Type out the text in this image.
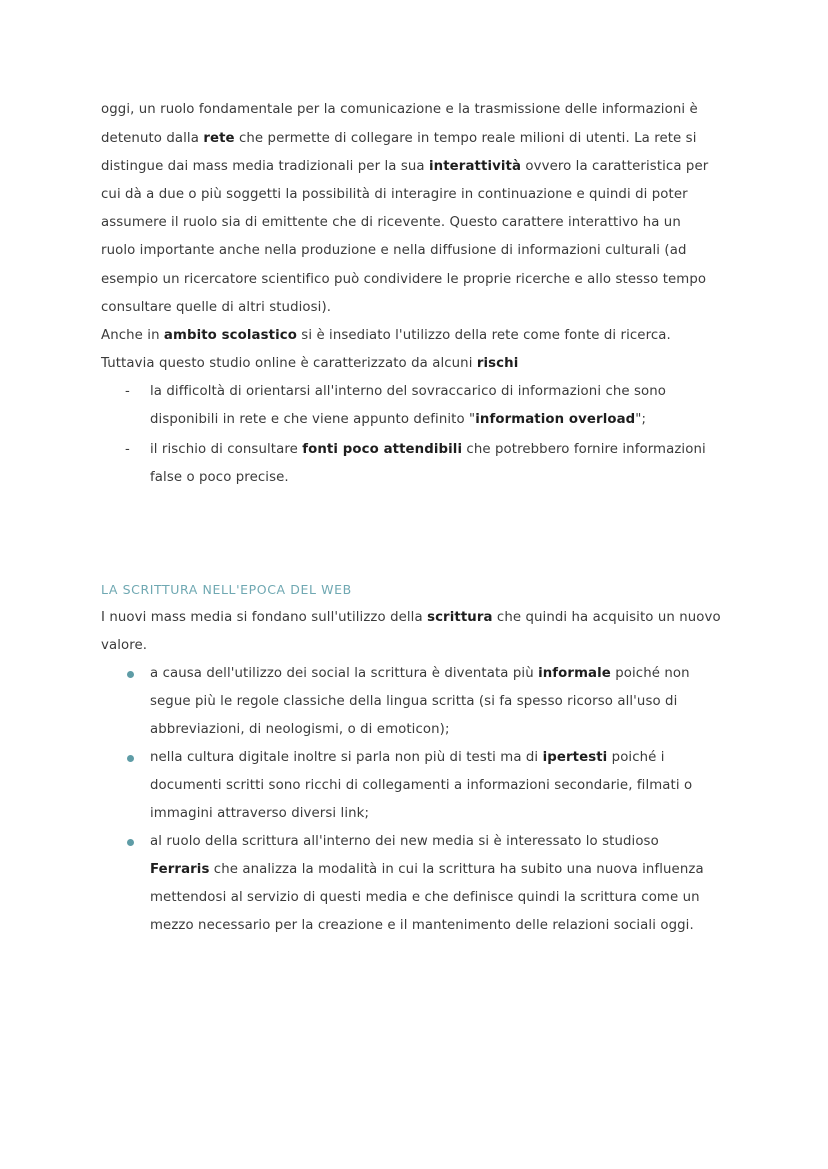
oggi, un ruolo fondamentale per la comunicazione e la trasmissione delle informazioni è
detenuto dalla rete che permette di collegare in tempo reale milioni di utenti. La rete si
distingue dai mass media tradizionali per la sua interattività ovvero la caratteristica per
cui dà a due o più soggetti la possibilità di interagire in continuazione e quindi di poter
assumere il ruolo sia di emittente che di ricevente. Questo carattere interattivo ha un
ruolo importante anche nella produzione e nella diffusione di informazioni culturali (ad
esempio un ricercatore scientifico può condividere le proprie ricerche e allo stesso tempo
consultare quelle di altri studiosi).
Anche in ambito scolastico si è insediato l'utilizzo della rete come fonte di ricerca.
Tuttavia questo studio online è caratterizzato da alcuni rischi
- la difficoltà di orientarsi all'interno del sovraccarico di informazioni che sono
disponibili in rete e che viene appunto definito "information overload";
- il rischio di consultare fonti poco attendibili che potrebbero fornire informazioni
false o poco precise.
LA SCRITTURA NELL'EPOCA DEL WEB
I nuovi mass media si fondano sull'utilizzo della scrittura che quindi ha acquisito un nuovo
valore.
a causa dell'utilizzo dei social la scrittura è diventata più informale poiché non
segue più le regole classiche della lingua scritta (si fa spesso ricorso all'uso di
abbreviazioni, di neologismi, o di emoticon);
nella cultura digitale inoltre si parla non più di testi ma di ipertesti poiché i
documenti scritti sono ricchi di collegamenti a informazioni secondarie, filmati o
immagini attraverso diversi link;
al ruolo della scrittura all'interno dei new media si è interessato lo studioso
Ferraris che analizza la modalità in cui la scrittura ha subito una nuova influenza
mettendosi al servizio di questi media e che definisce quindi la scrittura come un
mezzo necessario per la creazione e il mantenimento delle relazioni sociali oggi.
